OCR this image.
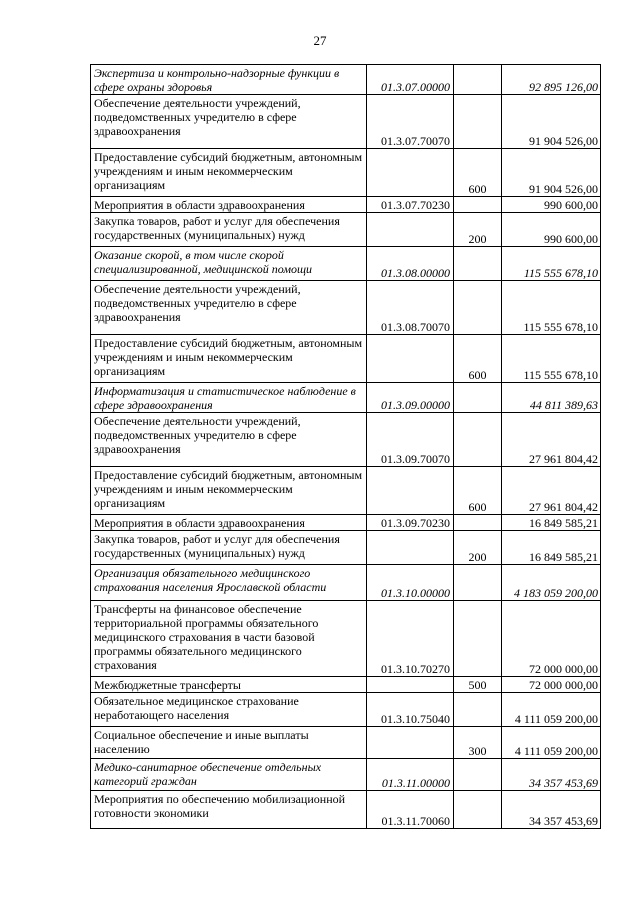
27
Экспертиза и контрольно-надзорные функции в сфере охраны здоровья	01.3.07.00000		92 895 126,00
Обеспечение деятельности учреждений, подведомственных учредителю в сфере здравоохранения	01.3.07.70070		91 904 526,00
Предоставление субсидий бюджетным, автономным учреждениям и иным некоммерческим организациям		600	91 904 526,00
Мероприятия в области здравоохранения	01.3.07.70230		990 600,00
Закупка товаров, работ и услуг для обеспечения государственных (муниципальных) нужд		200	990 600,00
Оказание скорой, в том числе скорой специализированной, медицинской помощи	01.3.08.00000		115 555 678,10
Обеспечение деятельности учреждений, подведомственных учредителю в сфере здравоохранения	01.3.08.70070		115 555 678,10
Предоставление субсидий бюджетным, автономным учреждениям и иным некоммерческим организациям		600	115 555 678,10
Информатизация и статистическое наблюдение в сфере здравоохранения	01.3.09.00000		44 811 389,63
Обеспечение деятельности учреждений, подведомственных учредителю в сфере здравоохранения	01.3.09.70070		27 961 804,42
Предоставление субсидий бюджетным, автономным учреждениям и иным некоммерческим организациям		600	27 961 804,42
Мероприятия в области здравоохранения	01.3.09.70230		16 849 585,21
Закупка товаров, работ и услуг для обеспечения государственных (муниципальных) нужд		200	16 849 585,21
Организация обязательного медицинского страхования населения Ярославской области	01.3.10.00000		4 183 059 200,00
Трансферты на финансовое обеспечение территориальной программы обязательного медицинского страхования в части базовой программы обязательного медицинского страхования	01.3.10.70270		72 000 000,00
Межбюджетные трансферты		500	72 000 000,00
Обязательное медицинское страхование неработающего населения	01.3.10.75040		4 111 059 200,00
Социальное обеспечение и иные выплаты населению		300	4 111 059 200,00
Медико-санитарное обеспечение отдельных категорий граждан	01.3.11.00000		34 357 453,69
Мероприятия по обеспечению мобилизационной готовности экономики	01.3.11.70060		34 357 453,69
